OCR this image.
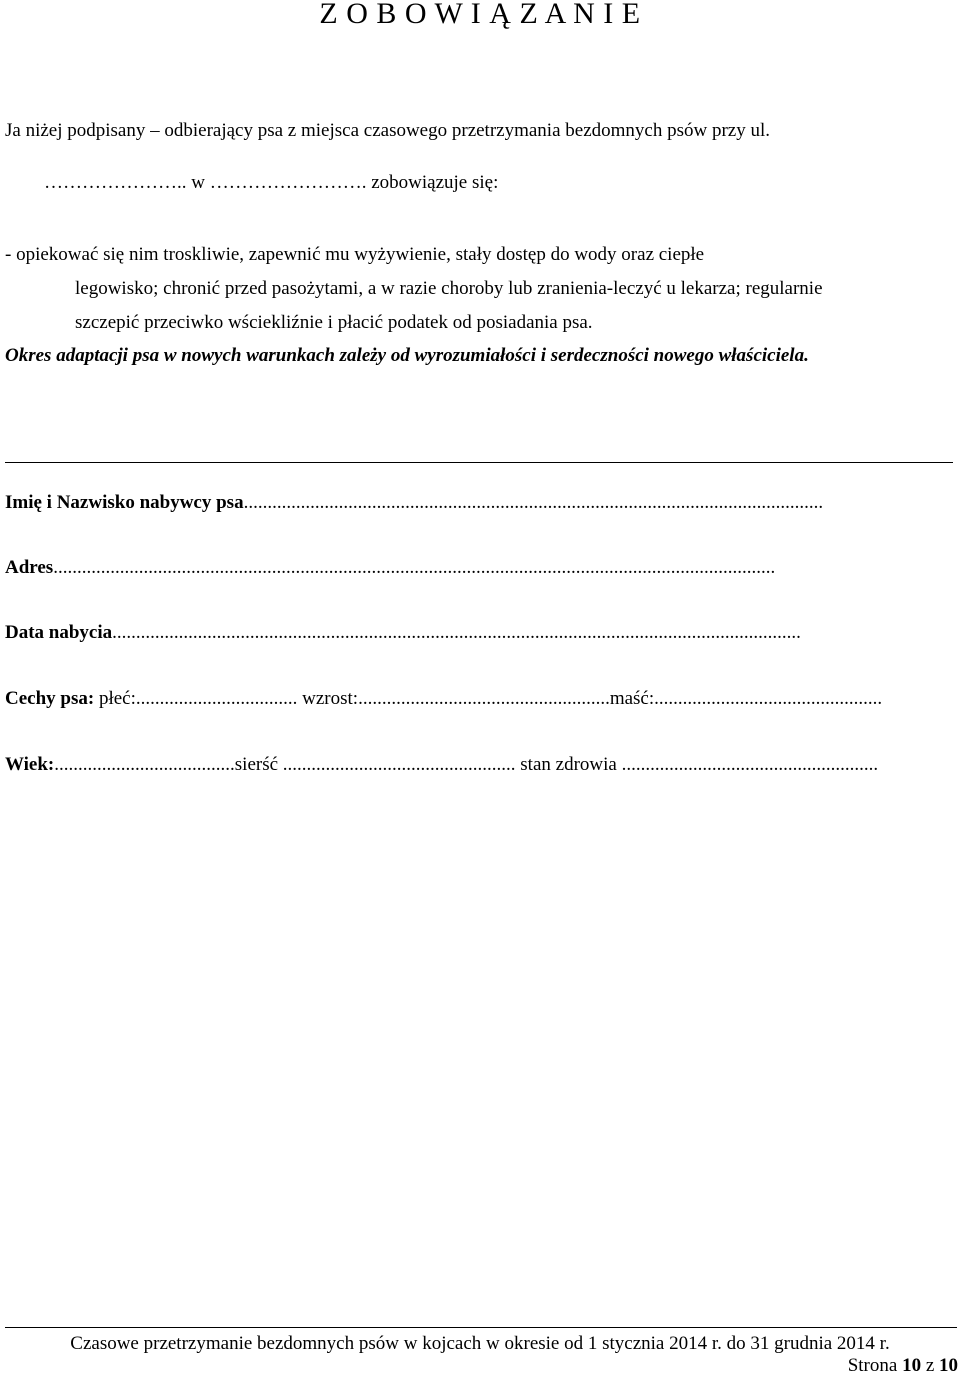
Z O B O W I Ą Z A N I E
Ja niżej podpisany – odbierający psa z miejsca czasowego przetrzymania bezdomnych psów przy ul.
………………….. w ……………………. zobowiązuje się:
- opiekować się nim troskliwie, zapewnić mu wyżywienie, stały dostęp do wody oraz ciepłe
legowisko; chronić przed pasożytami, a w razie choroby lub zranienia-leczyć u lekarza; regularnie
szczepić przeciwko wściekliźnie i płacić podatek od posiadania psa.
Okres adaptacji psa w nowych warunkach zależy od wyrozumiałości i serdeczności nowego właściciela.
Imię i Nazwisko nabywcy psa..........................................................................................................................
Adres........................................................................................................................................................
Data nabycia.................................................................................................................................................
Cechy psa: płeć:.................................. wzrost:.....................................................maść:................................................
Wiek:......................................sierść ................................................. stan zdrowia ......................................................
Czasowe przetrzymanie bezdomnych psów w kojcach w okresie od 1 stycznia 2014 r. do 31 grudnia 2014 r.
Strona 10 z 10
